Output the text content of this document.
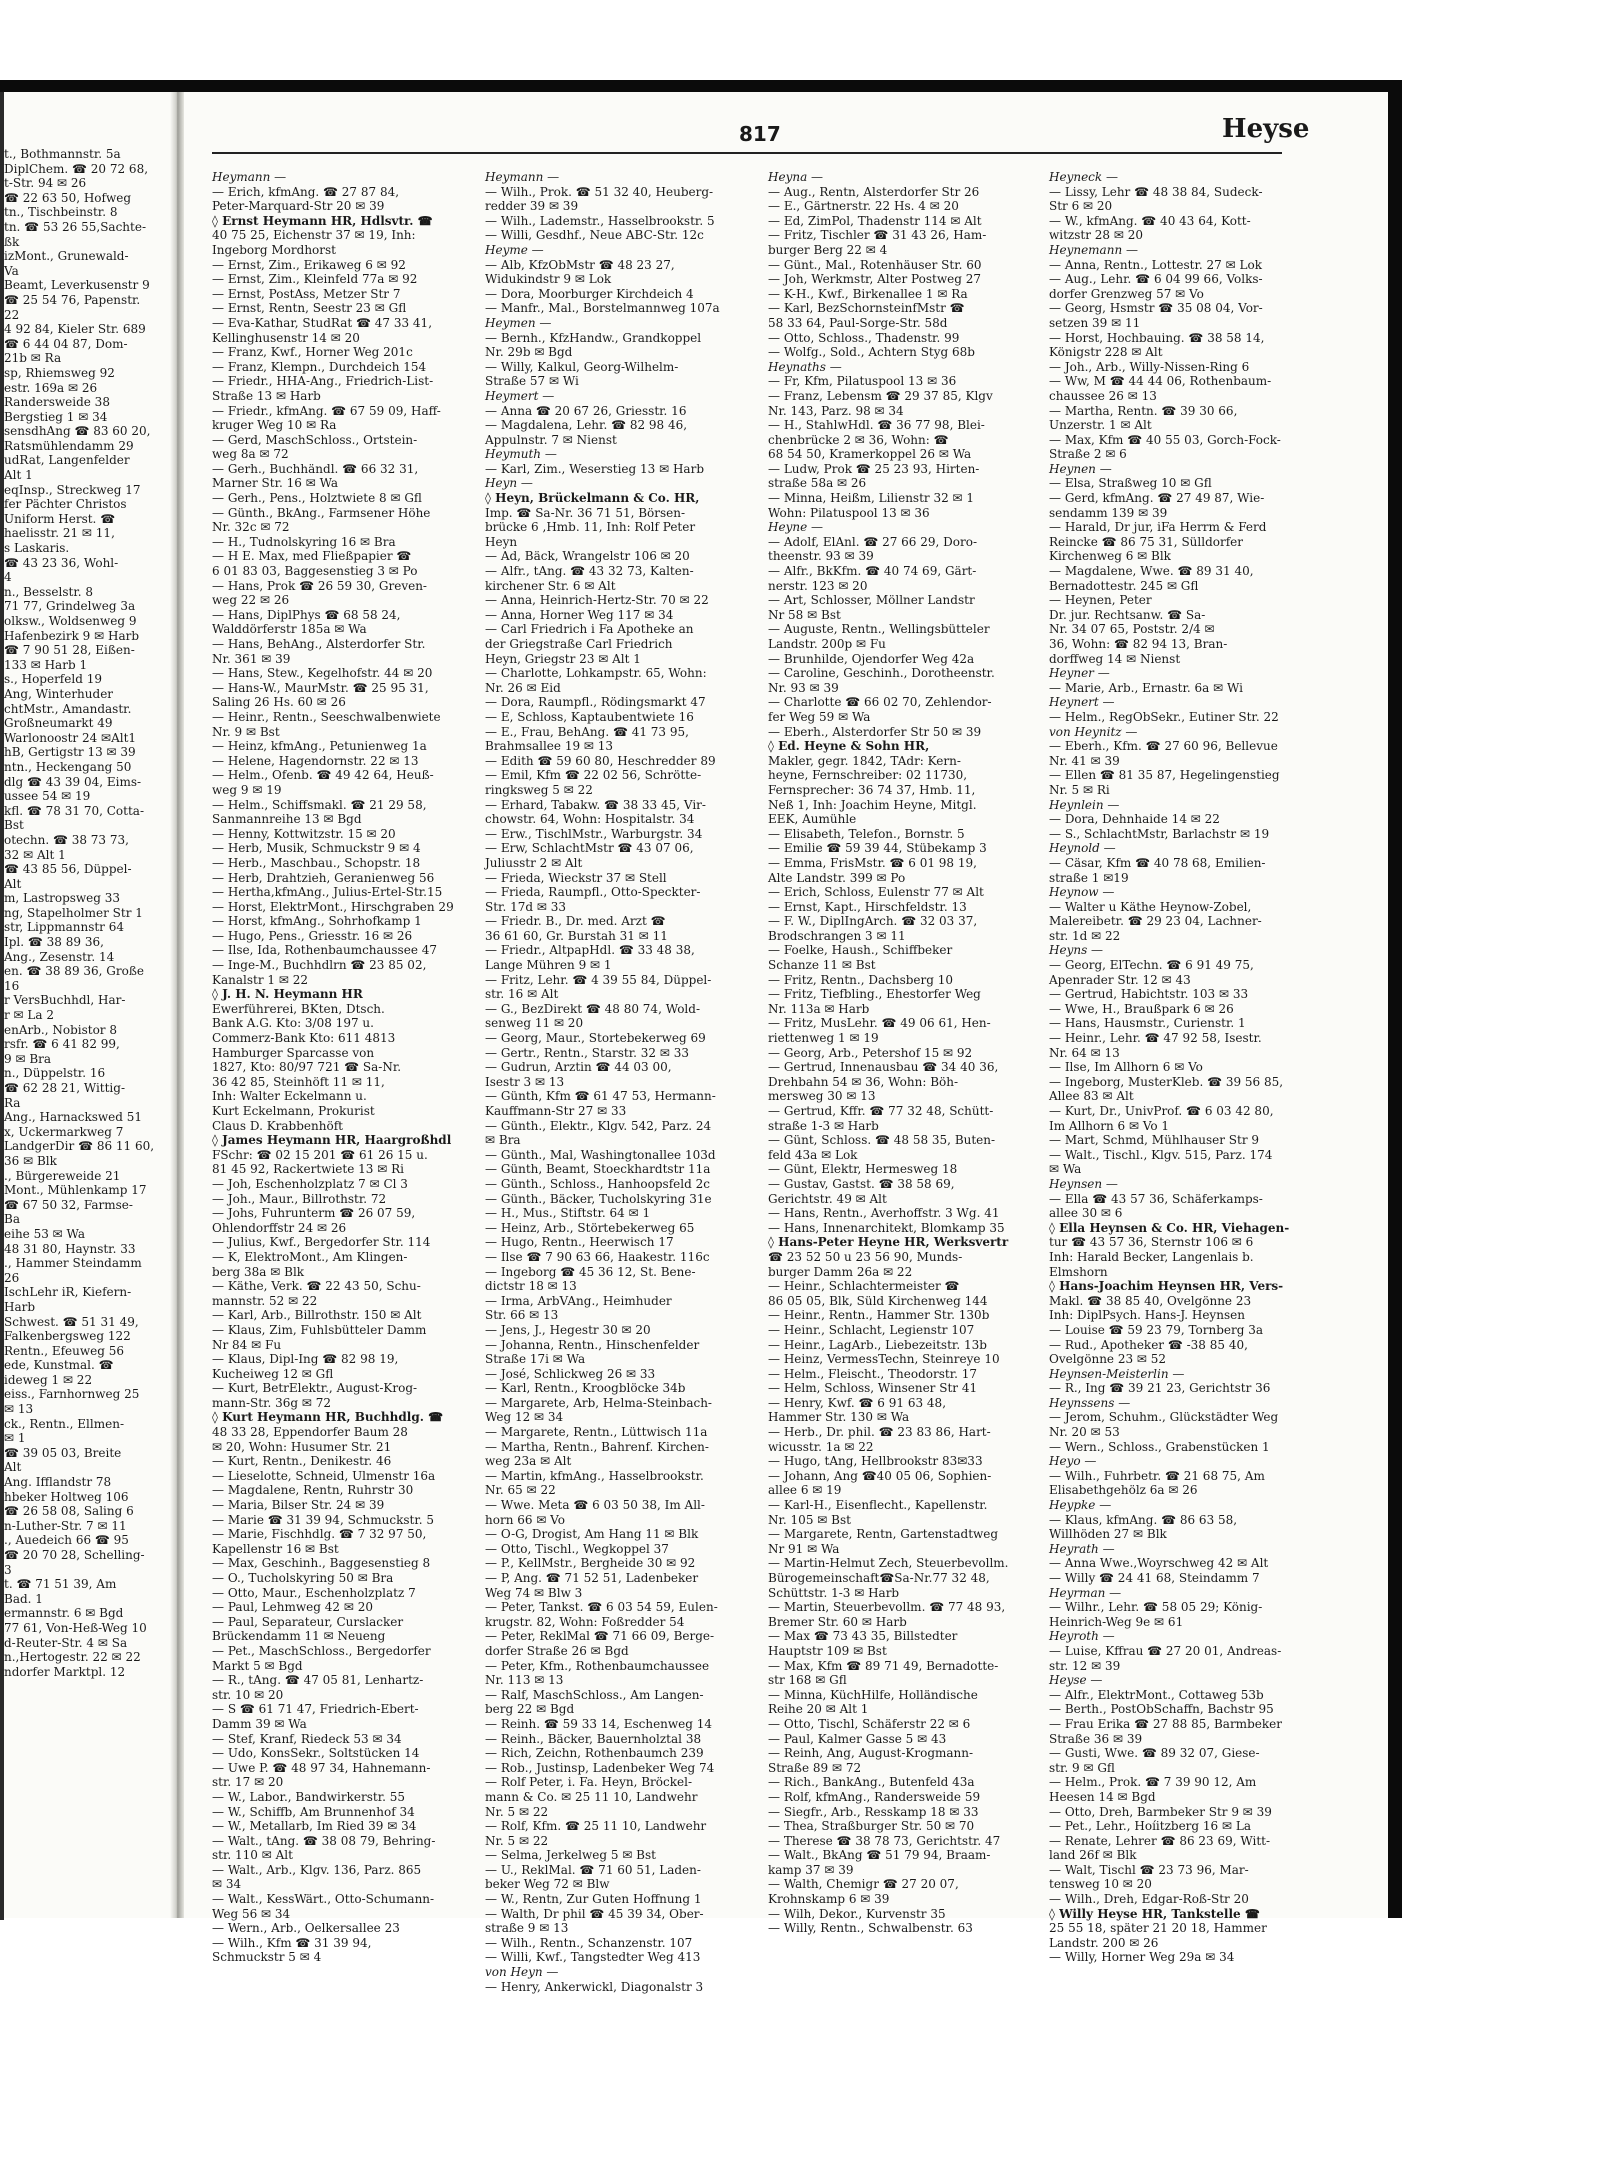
t., Bothmannstr. 5a
DiplChem. ☎ 20 72 68,
t-Str. 94 ✉ 26
☎ 22 63 50, Hofweg
tn., Tischbeinstr. 8
tn. ☎ 53 26 55,Sachte-
ßk
izMont., Grunewald-
Va
Beamt, Leverkusenstr 9
☎ 25 54 76, Papenstr.
22
4 92 84, Kieler Str. 689
☎ 6 44 04 87, Dom-
21b ✉ Ra
sp, Rhiemsweg 92
estr. 169a ✉ 26
Randersweide 38
Bergstieg 1 ✉ 34
sensdhAng ☎ 83 60 20,
Ratsmühlendamm 29
udRat, Langenfelder
Alt 1
eqInsp., Streckweg 17
fer Pächter Christos
Uniform Herst. ☎
haelisstr. 21 ✉ 11,
s Laskaris.
☎ 43 23 36, Wohl-
4
n., Besselstr. 8
71 77, Grindelweg 3a
olksw., Woldsenweg 9
Hafenbezirk 9 ✉ Harb
☎ 7 90 51 28, Eißen-
133 ✉ Harb 1
s., Hoperfeld 19
Ang, Winterhuder
chtMstr., Amandastr.
Großneumarkt 49
Warlonoostr 24 ✉Alt1
hB, Gertigstr 13 ✉ 39
ntn., Heckengang 50
dlg ☎ 43 39 04, Eims-
ussee 54 ✉ 19
kfl. ☎ 78 31 70, Cotta-
Bst
otechn. ☎ 38 73 73,
32 ✉ Alt 1
☎ 43 85 56, Düppel-
Alt
m, Lastropsweg 33
ng, Stapelholmer Str 1
str, Lippmannstr 64
Ipl. ☎ 38 89 36,
Ang., Zesenstr. 14
en. ☎ 38 89 36, Große
16
r VersBuchhdl, Har-
r ✉ La 2
enArb., Nobistor 8
rsfr. ☎ 6 41 82 99,
9 ✉ Bra
n., Düppelstr. 16
☎ 62 28 21, Wittig-
Ra
Ang., Harnackswed 51
x, Uckermarkweg 7
LandgerDir ☎ 86 11 60,
36 ✉ Blk
., Bürgereweide 21
Mont., Mühlenkamp 17
☎ 67 50 32, Farmse-
Ba
eihe 53 ✉ Wa
48 31 80, Haynstr. 33
., Hammer Steindamm
26
IschLehr iR, Kiefern-
Harb
Schwest. ☎ 51 31 49,
Falkenbergsweg 122
Rentn., Efeuweg 56
ede, Kunstmal. ☎
ideweg 1 ✉ 22
eiss., Farnhornweg 25
✉ 13
ck., Rentn., Ellmen-
✉ 1
☎ 39 05 03, Breite
Alt
Ang. Ifflandstr 78
hbeker Holtweg 106
☎ 26 58 08, Saling 6
n-Luther-Str. 7 ✉ 11
., Auedeich 66 ☎ 95
☎ 20 70 28, Schelling-
3
t. ☎ 71 51 39, Am
Bad. 1
ermannstr. 6 ✉ Bgd
77 61, Von-Heß-Weg 10
d-Reuter-Str. 4 ✉ Sa
n.,Hertogestr. 22 ✉ 22
ndorfer Marktpl. 12
817	Heyse
Heymann —
— Erich, kfmAng. ☎ 27 87 84,
Peter-Marquard-Str 20 ✉ 39
◊ Ernst Heymann HR, Hdlsvtr. ☎
40 75 25, Eichenstr 37 ✉ 19, Inh:
Ingeborg Mordhorst
— Ernst, Zim., Erikaweg 6 ✉ 92
— Ernst, Zim., Kleinfeld 77a ✉ 92
— Ernst, PostAss, Metzer Str 7
— Ernst, Rentn, Seestr 23 ✉ Gfl
— Eva-Kathar, StudRat ☎ 47 33 41,
Kellinghusenstr 14 ✉ 20
— Franz, Kwf., Horner Weg 201c
— Franz, Klempn., Durchdeich 154
— Friedr., HHA-Ang., Friedrich-List-
Straße 13 ✉ Harb
— Friedr., kfmAng. ☎ 67 59 09, Haff-
kruger Weg 10 ✉ Ra
— Gerd, MaschSchloss., Ortstein-
weg 8a ✉ 72
— Gerh., Buchhändl. ☎ 66 32 31,
Marner Str. 16 ✉ Wa
— Gerh., Pens., Holztwiete 8 ✉ Gfl
— Günth., BkAng., Farmsener Höhe
Nr. 32c ✉ 72
— H., Tudnolskyring 16 ✉ Bra
— H E. Max, med Fließpapier ☎
6 01 83 03, Baggesenstieg 3 ✉ Po
— Hans, Prok ☎ 26 59 30, Greven-
weg 22 ✉ 26
— Hans, DiplPhys ☎ 68 58 24,
Walddörferstr 185a ✉ Wa
— Hans, BehAng., Alsterdorfer Str.
Nr. 361 ✉ 39
— Hans, Stew., Kegelhofstr. 44 ✉ 20
— Hans-W., MaurMstr. ☎ 25 95 31,
Saling 26 Hs. 60 ✉ 26
— Heinr., Rentn., Seeschwalbenwiete
Nr. 9 ✉ Bst
— Heinz, kfmAng., Petunienweg 1a
— Helene, Hagendornstr. 22 ✉ 13
— Helm., Ofenb. ☎ 49 42 64, Heuß-
weg 9 ✉ 19
— Helm., Schiffsmakl. ☎ 21 29 58,
Sanmannreihe 13 ✉ Bgd
— Henny, Kottwitzstr. 15 ✉ 20
— Herb, Musik, Schmuckstr 9 ✉ 4
— Herb., Maschbau., Schopstr. 18
— Herb, Drahtzieh, Geranienweg 56
— Hertha,kfmAng., Julius-Ertel-Str.15
— Horst, ElektrMont., Hirschgraben 29
— Horst, kfmAng., Sohrhofkamp 1
— Hugo, Pens., Griesstr. 16 ✉ 26
— Ilse, Ida, Rothenbaumchaussee 47
— Inge-M., Buchhdlrn ☎ 23 85 02,
Kanalstr 1 ✉ 22
◊ J. H. N. Heymann HR
Ewerführerei, BKten, Dtsch.
Bank A.G. Kto: 3/08 197 u.
Commerz-Bank Kto: 611 4813
Hamburger Sparcasse von
1827, Kto: 80/97 721 ☎ Sa-Nr.
36 42 85, Steinhöft 11 ✉ 11,
Inh: Walter Eckelmann u.
Kurt Eckelmann, Prokurist
Claus D. Krabbenhöft
◊ James Heymann HR, Haargroßhdl
FSchr: ☎ 02 15 201 ☎ 61 26 15 u.
81 45 92, Rackertwiete 13 ✉ Ri
— Joh, Eschenholzplatz 7 ✉ Cl 3
— Joh., Maur., Billrothstr. 72
— Johs, Fuhrunterm ☎ 26 07 59,
Ohlendorffstr 24 ✉ 26
— Julius, Kwf., Bergedorfer Str. 114
— K, ElektroMont., Am Klingen-
berg 38a ✉ Blk
— Käthe, Verk. ☎ 22 43 50, Schu-
mannstr. 52 ✉ 22
— Karl, Arb., Billrothstr. 150 ✉ Alt
— Klaus, Zim, Fuhlsbütteler Damm
Nr 84 ✉ Fu
— Klaus, Dipl-Ing ☎ 82 98 19,
Kucheiweg 12 ✉ Gfl
— Kurt, BetrElektr., August-Krog-
mann-Str. 36g ✉ 72
◊ Kurt Heymann HR, Buchhdlg. ☎
48 33 28, Eppendorfer Baum 28
✉ 20, Wohn: Husumer Str. 21
— Kurt, Rentn., Denikestr. 46
— Lieselotte, Schneid, Ulmenstr 16a
— Magdalene, Rentn, Ruhrstr 30
— Maria, Bilser Str. 24 ✉ 39
— Marie ☎ 31 39 94, Schmuckstr. 5
— Marie, Fischhdlg. ☎ 7 32 97 50,
Kapellenstr 16 ✉ Bst
— Max, Geschinh., Baggesenstieg 8
— O., Tucholskyring 50 ✉ Bra
— Otto, Maur., Eschenholzplatz 7
— Paul, Lehmweg 42 ✉ 20
— Paul, Separateur, Curslacker
Brückendamm 11 ✉ Neueng
— Pet., MaschSchloss., Bergedorfer
Markt 5 ✉ Bgd
— R., tAng. ☎ 47 05 81, Lenhartz-
str. 10 ✉ 20
— S ☎ 61 71 47, Friedrich-Ebert-
Damm 39 ✉ Wa
— Stef, Kranf, Riedeck 53 ✉ 34
— Udo, KonsSekr., Soltstücken 14
— Uwe P. ☎ 48 97 34, Hahnemann-
str. 17 ✉ 20
— W., Labor., Bandwirkerstr. 55
— W., Schiffb, Am Brunnenhof 34
— W., Metallarb, Im Ried 39 ✉ 34
— Walt., tAng. ☎ 38 08 79, Behring-
str. 110 ✉ Alt
— Walt., Arb., Klgv. 136, Parz. 865
✉ 34
— Walt., KessWärt., Otto-Schumann-
Weg 56 ✉ 34
— Wern., Arb., Oelkersallee 23
— Wilh., Kfm ☎ 31 39 94,
Schmuckstr 5 ✉ 4
Heymann —
— Wilh., Prok. ☎ 51 32 40, Heuberg-
redder 39 ✉ 39
— Wilh., Lademstr., Hasselbrookstr. 5
— Willi, Gesdhf., Neue ABC-Str. 12c
Heyme —
— Alb, KfzObMstr ☎ 48 23 27,
Widukindstr 9 ✉ Lok
— Dora, Moorburger Kirchdeich 4
— Manfr., Mal., Borstelmannweg 107a
Heymen —
— Bernh., KfzHandw., Grandkoppel
Nr. 29b ✉ Bgd
— Willy, Kalkul, Georg-Wilhelm-
Straße 57 ✉ Wi
Heymert —
— Anna ☎ 20 67 26, Griesstr. 16
— Magdalena, Lehr. ☎ 82 98 46,
Appulnstr. 7 ✉ Nienst
Heymuth —
— Karl, Zim., Weserstieg 13 ✉ Harb
Heyn —
◊ Heyn, Brückelmann & Co. HR,
Imp. ☎ Sa-Nr. 36 71 51, Börsen-
brücke 6 ,Hmb. 11, Inh: Rolf Peter
Heyn
— Ad, Bäck, Wrangelstr 106 ✉ 20
— Alfr., tAng. ☎ 43 32 73, Kalten-
kirchener Str. 6 ✉ Alt
— Anna, Heinrich-Hertz-Str. 70 ✉ 22
— Anna, Horner Weg 117 ✉ 34
— Carl Friedrich i Fa Apotheke an
der Griegstraße Carl Friedrich
Heyn, Griegstr 23 ✉ Alt 1
— Charlotte, Lohkampstr. 65, Wohn:
Nr. 26 ✉ Eid
— Dora, Raumpfl., Rödingsmarkt 47
— E, Schloss, Kaptaubentwiete 16
— E., Frau, BehAng. ☎ 41 73 95,
Brahmsallee 19 ✉ 13
— Edith ☎ 59 60 80, Heschredder 89
— Emil, Kfm ☎ 22 02 56, Schrötte-
ringksweg 5 ✉ 22
— Erhard, Tabakw. ☎ 38 33 45, Vir-
chowstr. 64, Wohn: Hospitalstr. 34
— Erw., TischlMstr., Warburgstr. 34
— Erw, SchlachtMstr ☎ 43 07 06,
Juliusstr 2 ✉ Alt
— Frieda, Wieckstr 37 ✉ Stell
— Frieda, Raumpfl., Otto-Speckter-
Str. 17d ✉ 33
— Friedr. B., Dr. med. Arzt ☎
36 61 60, Gr. Burstah 31 ✉ 11
— Friedr., AltpapHdl. ☎ 33 48 38,
Lange Mühren 9 ✉ 1
— Fritz, Lehr. ☎ 4 39 55 84, Düppel-
str. 16 ✉ Alt
— G., BezDirekt ☎ 48 80 74, Wold-
senweg 11 ✉ 20
— Georg, Maur., Stortebekerweg 69
— Gertr., Rentn., Starstr. 32 ✉ 33
— Gudrun, Arztin ☎ 44 03 00,
Isestr 3 ✉ 13
— Günth, Kfm ☎ 61 47 53, Hermann-
Kauffmann-Str 27 ✉ 33
— Günth., Elektr., Klgv. 542, Parz. 24
✉ Bra
— Günth., Mal, Washingtonallee 103d
— Günth, Beamt, Stoeckhardtstr 11a
— Günth., Schloss., Hanhoopsfeld 2c
— Günth., Bäcker, Tucholskyring 31e
— H., Mus., Stiftstr. 64 ✉ 1
— Heinz, Arb., Störtebekerweg 65
— Hugo, Rentn., Heerwisch 17
— Ilse ☎ 7 90 63 66, Haakestr. 116c
— Ingeborg ☎ 45 36 12, St. Bene-
dictstr 18 ✉ 13
— Irma, ArbVAng., Heimhuder
Str. 66 ✉ 13
— Jens, J., Hegestr 30 ✉ 20
— Johanna, Rentn., Hinschenfelder
Straße 17i ✉ Wa
— José, Schlickweg 26 ✉ 33
— Karl, Rentn., Kroogblöcke 34b
— Margarete, Arb, Helma-Steinbach-
Weg 12 ✉ 34
— Margarete, Rentn., Lüttwisch 11a
— Martha, Rentn., Bahrenf. Kirchen-
weg 23a ✉ Alt
— Martin, kfmAng., Hasselbrookstr.
Nr. 65 ✉ 22
— Wwe. Meta ☎ 6 03 50 38, Im All-
horn 66 ✉ Vo
— O-G, Drogist, Am Hang 11 ✉ Blk
— Otto, Tischl., Wegkoppel 37
— P., KellMstr., Bergheide 30 ✉ 92
— P, Ang. ☎ 71 52 51, Ladenbeker
Weg 74 ✉ Blw 3
— Peter, Tankst. ☎ 6 03 54 59, Eulen-
krugstr. 82, Wohn: Foßredder 54
— Peter, ReklMal ☎ 71 66 09, Berge-
dorfer Straße 26 ✉ Bgd
— Peter, Kfm., Rothenbaumchaussee
Nr. 113 ✉ 13
— Ralf, MaschSchloss., Am Langen-
berg 22 ✉ Bgd
— Reinh. ☎ 59 33 14, Eschenweg 14
— Reinh., Bäcker, Bauernholztal 38
— Rich, Zeichn, Rothenbaumch 239
— Rob., Justinsp, Ladenbeker Weg 74
— Rolf Peter, i. Fa. Heyn, Bröckel-
mann & Co. ✉ 25 11 10, Landwehr
Nr. 5 ✉ 22
— Rolf, Kfm. ☎ 25 11 10, Landwehr
Nr. 5 ✉ 22
— Selma, Jerkelweg 5 ✉ Bst
— U., ReklMal. ☎ 71 60 51, Laden-
beker Weg 72 ✉ Blw
— W., Rentn, Zur Guten Hoffnung 1
— Walth, Dr phil ☎ 45 39 34, Ober-
straße 9 ✉ 13
— Wilh., Rentn., Schanzenstr. 107
— Willi, Kwf., Tangstedter Weg 413
von Heyn —
— Henry, Ankerwickl, Diagonalstr 3
Heyna —
— Aug., Rentn, Alsterdorfer Str 26
— E., Gärtnerstr. 22 Hs. 4 ✉ 20
— Ed, ZimPol, Thadenstr 114 ✉ Alt
— Fritz, Tischler ☎ 31 43 26, Ham-
burger Berg 22 ✉ 4
— Günt., Mal., Rotenhäuser Str. 60
— Joh, Werkmstr, Alter Postweg 27
— K-H., Kwf., Birkenallee 1 ✉ Ra
— Karl, BezSchornsteinfMstr ☎
58 33 64, Paul-Sorge-Str. 58d
— Otto, Schloss., Thadenstr. 99
— Wolfg., Sold., Achtern Styg 68b
Heynaths —
— Fr, Kfm, Pilatuspool 13 ✉ 36
— Franz, Lebensm ☎ 29 37 85, Klgv
Nr. 143, Parz. 98 ✉ 34
— H., StahlwHdl. ☎ 36 77 98, Blei-
chenbrücke 2 ✉ 36, Wohn: ☎
68 54 50, Kramerkoppel 26 ✉ Wa
— Ludw, Prok ☎ 25 23 93, Hirten-
straße 58a ✉ 26
— Minna, Heißm, Lilienstr 32 ✉ 1
Wohn: Pilatuspool 13 ✉ 36
Heyne —
— Adolf, ElAnl. ☎ 27 66 29, Doro-
theenstr. 93 ✉ 39
— Alfr., BkKfm. ☎ 40 74 69, Gärt-
nerstr. 123 ✉ 20
— Art, Schlosser, Möllner Landstr
Nr 58 ✉ Bst
— Auguste, Rentn., Wellingsbütteler
Landstr. 200p ✉ Fu
— Brunhilde, Ojendorfer Weg 42a
— Caroline, Geschinh., Dorotheenstr.
Nr. 93 ✉ 39
— Charlotte ☎ 66 02 70, Zehlendor-
fer Weg 59 ✉ Wa
— Eberh., Alsterdorfer Str 50 ✉ 39
◊ Ed. Heyne & Sohn HR,
Makler, gegr. 1842, TAdr: Kern-
heyne, Fernschreiber: 02 11730,
Fernsprecher: 36 74 37, Hmb. 11,
Neß 1, Inh: Joachim Heyne, Mitgl.
EEK, Aumühle
— Elisabeth, Telefon., Bornstr. 5
— Emilie ☎ 59 39 44, Stübekamp 3
— Emma, FrisMstr. ☎ 6 01 98 19,
Alte Landstr. 399 ✉ Po
— Erich, Schloss, Eulenstr 77 ✉ Alt
— Ernst, Kapt., Hirschfeldstr. 13
— F. W., DiplIngArch. ☎ 32 03 37,
Brodschrangen 3 ✉ 11
— Foelke, Haush., Schiffbeker
Schanze 11 ✉ Bst
— Fritz, Rentn., Dachsberg 10
— Fritz, Tiefbling., Ehestorfer Weg
Nr. 113a ✉ Harb
— Fritz, MusLehr. ☎ 49 06 61, Hen-
riettenweg 1 ✉ 19
— Georg, Arb., Petershof 15 ✉ 92
— Gertrud, Innenausbau ☎ 34 40 36,
Drehbahn 54 ✉ 36, Wohn: Böh-
mersweg 30 ✉ 13
— Gertrud, Kffr. ☎ 77 32 48, Schütt-
straße 1-3 ✉ Harb
— Günt, Schloss. ☎ 48 58 35, Buten-
feld 43a ✉ Lok
— Günt, Elektr, Hermesweg 18
— Gustav, Gastst. ☎ 38 58 69,
Gerichtstr. 49 ✉ Alt
— Hans, Rentn., Averhoffstr. 3 Wg. 41
— Hans, Innenarchitekt, Blomkamp 35
◊ Hans-Peter Heyne HR, Werksvertr
☎ 23 52 50 u 23 56 90, Munds-
burger Damm 26a ✉ 22
— Heinr., Schlachtermeister ☎
86 05 05, Blk, Süld Kirchenweg 144
— Heinr., Rentn., Hammer Str. 130b
— Heinr., Schlacht, Legienstr 107
— Heinr., LagArb., Liebezeitstr. 13b
— Heinz, VermessTechn, Steinreye 10
— Helm., Fleischt., Theodorstr. 17
— Helm, Schloss, Winsener Str 41
— Henry, Kwf. ☎ 6 91 63 48,
Hammer Str. 130 ✉ Wa
— Herb., Dr. phil. ☎ 23 83 86, Hart-
wicusstr. 1a ✉ 22
— Hugo, tAng, Hellbrookstr 83✉33
— Johann, Ang ☎40 05 06, Sophien-
allee 6 ✉ 19
— Karl-H., Eisenflecht., Kapellenstr.
Nr. 105 ✉ Bst
— Margarete, Rentn, Gartenstadtweg
Nr 91 ✉ Wa
— Martin-Helmut Zech, Steuerbevollm.
Bürogemeinschaft☎Sa-Nr.77 32 48,
Schüttstr. 1-3 ✉ Harb
— Martin, Steuerbevollm. ☎ 77 48 93,
Bremer Str. 60 ✉ Harb
— Max ☎ 73 43 35, Billstedter
Hauptstr 109 ✉ Bst
— Max, Kfm ☎ 89 71 49, Bernadotte-
str 168 ✉ Gfl
— Minna, KüchHilfe, Holländische
Reihe 20 ✉ Alt 1
— Otto, Tischl, Schäferstr 22 ✉ 6
— Paul, Kalmer Gasse 5 ✉ 43
— Reinh, Ang, August-Krogmann-
Straße 89 ✉ 72
— Rich., BankAng., Butenfeld 43a
— Rolf, kfmAng., Randersweide 59
— Siegfr., Arb., Resskamp 18 ✉ 33
— Thea, Straßburger Str. 50 ✉ 70
— Therese ☎ 38 78 73, Gerichtstr. 47
— Walt., BkAng ☎ 51 79 94, Braam-
kamp 37 ✉ 39
— Walth, Chemigr ☎ 27 20 07,
Krohnskamp 6 ✉ 39
— Wilh, Dekor., Kurvenstr 35
— Willy, Rentn., Schwalbenstr. 63
Heyneck —
— Lissy, Lehr ☎ 48 38 84, Sudeck-
Str 6 ✉ 20
— W., kfmAng. ☎ 40 43 64, Kott-
witzstr 28 ✉ 20
Heynemann —
— Anna, Rentn., Lottestr. 27 ✉ Lok
— Aug., Lehr. ☎ 6 04 99 66, Volks-
dorfer Grenzweg 57 ✉ Vo
— Georg, Hsmstr ☎ 35 08 04, Vor-
setzen 39 ✉ 11
— Horst, Hochbauing. ☎ 38 58 14,
Königstr 228 ✉ Alt
— Joh., Arb., Willy-Nissen-Ring 6
— Ww, M ☎ 44 44 06, Rothenbaum-
chaussee 26 ✉ 13
— Martha, Rentn. ☎ 39 30 66,
Unzerstr. 1 ✉ Alt
— Max, Kfm ☎ 40 55 03, Gorch-Fock-
Straße 2 ✉ 6
Heynen —
— Elsa, Straßweg 10 ✉ Gfl
— Gerd, kfmAng. ☎ 27 49 87, Wie-
sendamm 139 ✉ 39
— Harald, Dr jur, iFa Herrm & Ferd
Reincke ☎ 86 75 31, Sülldorfer
Kirchenweg 6 ✉ Blk
— Magdalene, Wwe. ☎ 89 31 40,
Bernadottestr. 245 ✉ Gfl
— Heynen, Peter
Dr. jur. Rechtsanw. ☎ Sa-
Nr. 34 07 65, Poststr. 2/4 ✉
36, Wohn: ☎ 82 94 13, Bran-
dorffweg 14 ✉ Nienst
Heyner —
— Marie, Arb., Ernastr. 6a ✉ Wi
Heynert —
— Helm., RegObSekr., Eutiner Str. 22
von Heynitz —
— Eberh., Kfm. ☎ 27 60 96, Bellevue
Nr. 41 ✉ 39
— Ellen ☎ 81 35 87, Hegelingenstieg
Nr. 5 ✉ Ri
Heynlein —
— Dora, Dehnhaide 14 ✉ 22
— S., SchlachtMstr, Barlachstr ✉ 19
Heynold —
— Cäsar, Kfm ☎ 40 78 68, Emilien-
straße 1 ✉19
Heynow —
— Walter u Käthe Heynow-Zobel,
Malereibetr. ☎ 29 23 04, Lachner-
str. 1d ✉ 22
Heyns —
— Georg, ElTechn. ☎ 6 91 49 75,
Apenrader Str. 12 ✉ 43
— Gertrud, Habichtstr. 103 ✉ 33
— Wwe, H., Braußpark 6 ✉ 26
— Hans, Hausmstr., Curienstr. 1
— Heinr., Lehr. ☎ 47 92 58, Isestr.
Nr. 64 ✉ 13
— Ilse, Im Allhorn 6 ✉ Vo
— Ingeborg, MusterKleb. ☎ 39 56 85,
Allee 83 ✉ Alt
— Kurt, Dr., UnivProf. ☎ 6 03 42 80,
Im Allhorn 6 ✉ Vo 1
— Mart, Schmd, Mühlhauser Str 9
— Walt., Tischl., Klgv. 515, Parz. 174
✉ Wa
Heynsen —
— Ella ☎ 43 57 36, Schäferkamps-
allee 30 ✉ 6
◊ Ella Heynsen & Co. HR, Viehagen-
tur ☎ 43 57 36, Sternstr 106 ✉ 6
Inh: Harald Becker, Langenlais b.
Elmshorn
◊ Hans-Joachim Heynsen HR, Vers-
Makl. ☎ 38 85 40, Ovelgönne 23
Inh: DiplPsych. Hans-J. Heynsen
— Louise ☎ 59 23 79, Tornberg 3a
— Rud., Apotheker ☎ -38 85 40,
Ovelgönne 23 ✉ 52
Heynsen-Meisterlin —
— R., Ing ☎ 39 21 23, Gerichtstr 36
Heynssens —
— Jerom, Schuhm., Glückstädter Weg
Nr. 20 ✉ 53
— Wern., Schloss., Grabenstücken 1
Heyo —
— Wilh., Fuhrbetr. ☎ 21 68 75, Am
Elisabethgehölz 6a ✉ 26
Heypke —
— Klaus, kfmAng. ☎ 86 63 58,
Willhöden 27 ✉ Blk
Heyrath —
— Anna Wwe.,Woyrschweg 42 ✉ Alt
— Willy ☎ 24 41 68, Steindamm 7
Heyrman —
— Wilhr., Lehr. ☎ 58 05 29; König-
Heinrich-Weg 9e ✉ 61
Heyroth —
— Luise, Kffrau ☎ 27 20 01, Andreas-
str. 12 ✉ 39
Heyse —
— Alfr., ElektrMont., Cottaweg 53b
— Berth., PostObSchaffn, Bachstr 95
— Frau Erika ☎ 27 88 85, Barmbeker
Straße 36 ✉ 39
— Gusti, Wwe. ☎ 89 32 07, Giese-
str. 9 ✉ Gfl
— Helm., Prok. ☎ 7 39 90 12, Am
Heesen 14 ✉ Bgd
— Otto, Dreh, Barmbeker Str 9 ✉ 39
— Pet., Lehr., Hoíitzberg 16 ✉ La
— Renate, Lehrer ☎ 86 23 69, Witt-
land 26f ✉ Blk
— Walt, Tischl ☎ 23 73 96, Mar-
tensweg 10 ✉ 20
— Wilh., Dreh, Edgar-Roß-Str 20
◊ Willy Heyse HR, Tankstelle ☎
25 55 18, später 21 20 18, Hammer
Landstr. 200 ✉ 26
— Willy, Horner Weg 29a ✉ 34
